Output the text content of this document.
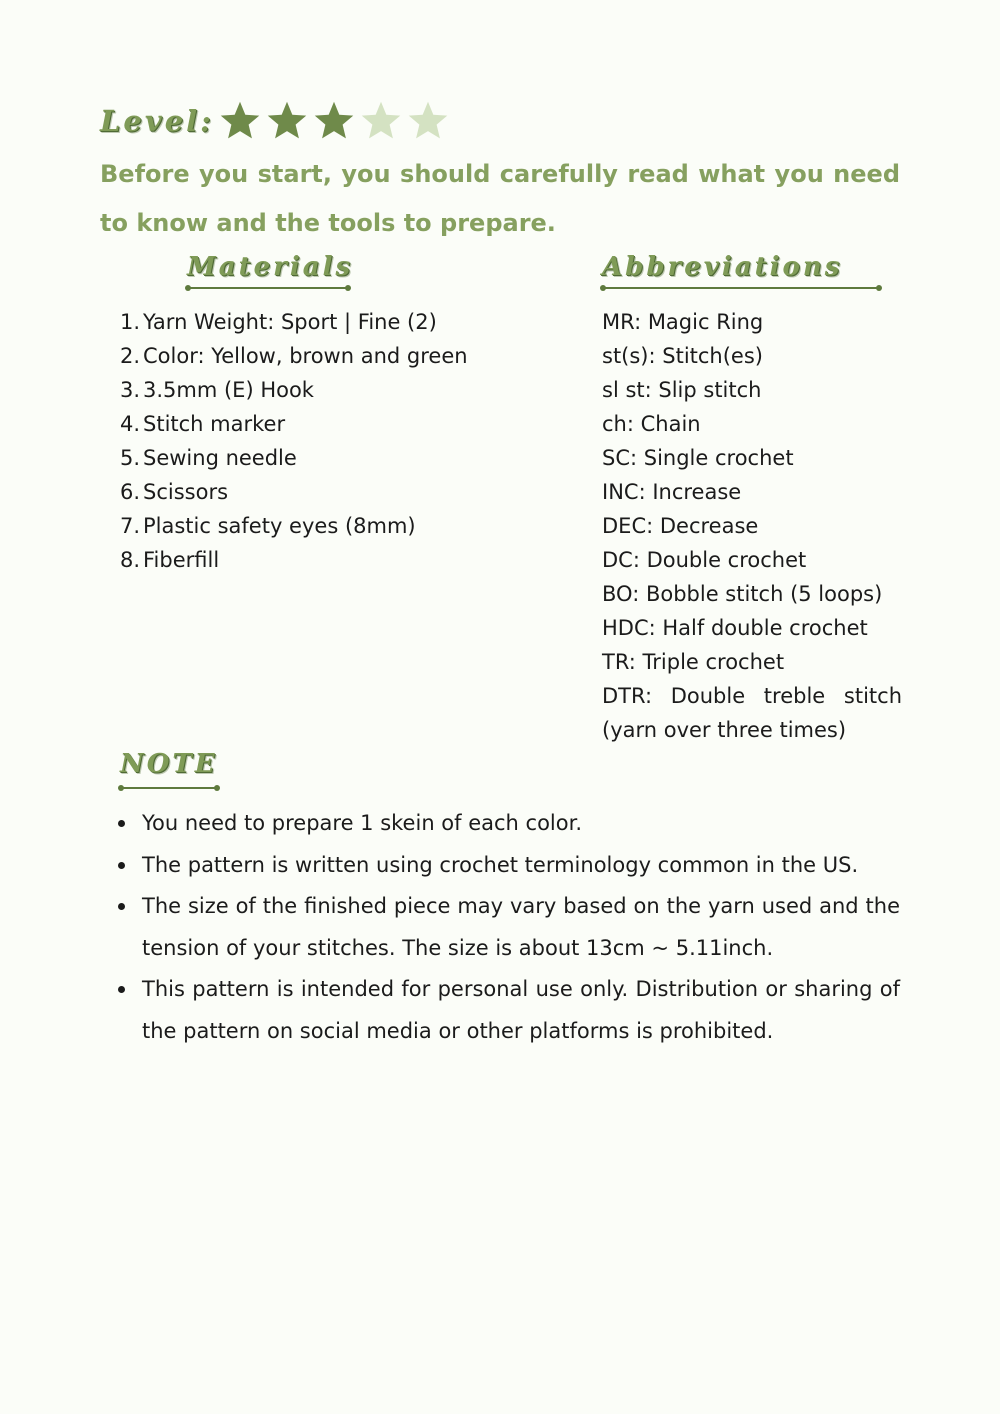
Level:

Before you start, you should carefully read what you need to know and the tools to prepare.

Materials	Abbreviations
1. Yarn Weight: Sport | Fine (2)
2. Color: Yellow, brown and green
3. 3.5mm (E) Hook
4. Stitch marker
5. Sewing needle
6. Scissors
7. Plastic safety eyes (8mm)
8. Fiberfill
MR: Magic Ring
st(s): Stitch(es)
sl st: Slip stitch
ch: Chain
SC: Single crochet
INC: Increase
DEC: Decrease
DC: Double crochet
BO: Bobble stitch (5 loops)
HDC: Half double crochet
TR: Triple crochet
DTR: Double treble stitch (yarn over three times)
NOTE
You need to prepare 1 skein of each color.
The pattern is written using crochet terminology common in the US.
The size of the finished piece may vary based on the yarn used and the tension of your stitches. The size is about 13cm ~ 5.11inch.
This pattern is intended for personal use only. Distribution or sharing of the pattern on social media or other platforms is prohibited.
